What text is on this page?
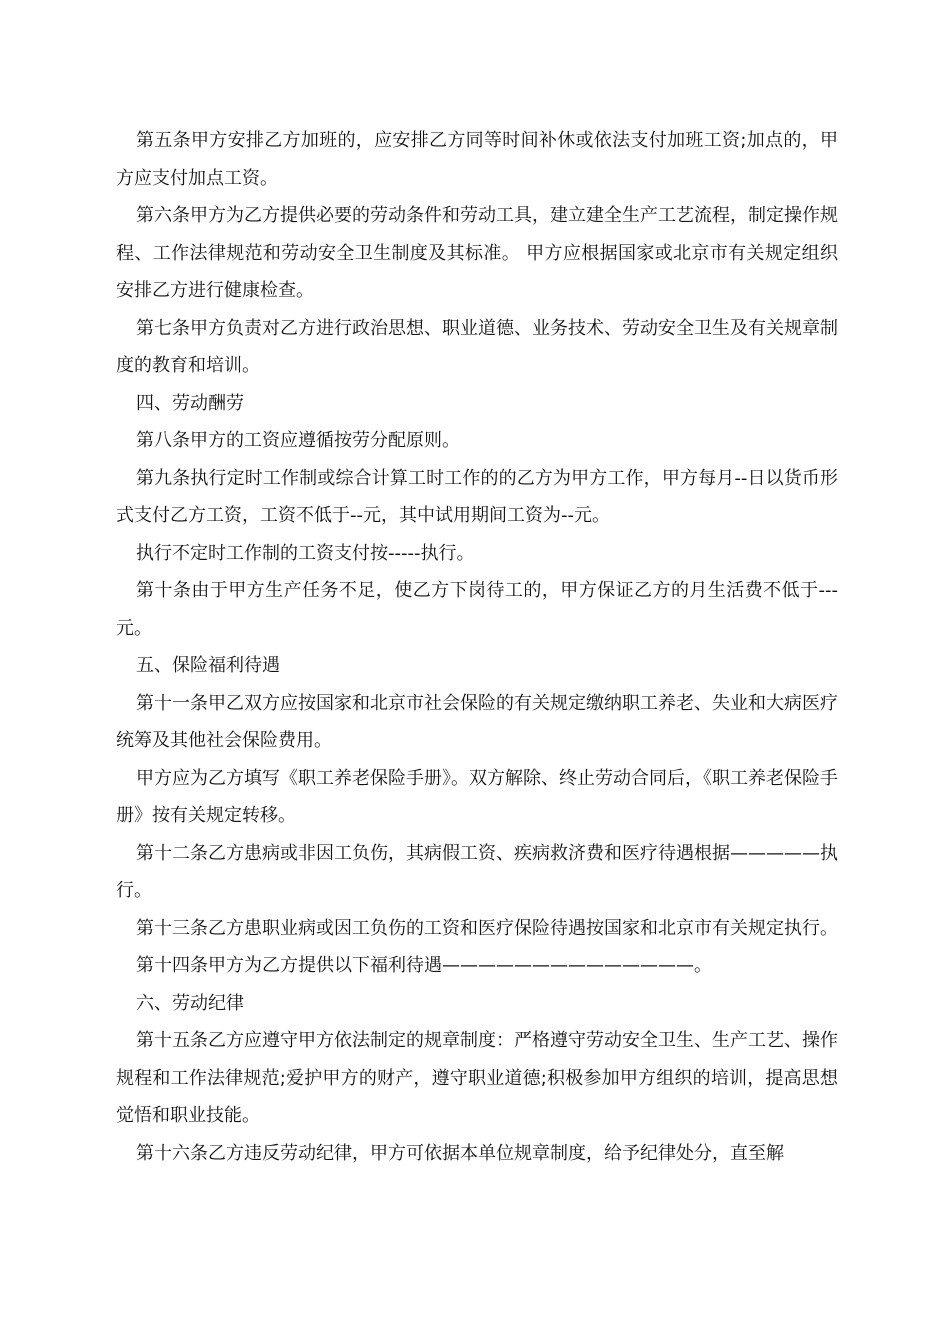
第五条甲方安排乙方加班的，应安排乙方同等时间补休或依法支付加班工资;加点的，甲方应支付加点工资。

第六条甲方为乙方提供必要的劳动条件和劳动工具，建立建全生产工艺流程，制定操作规程、工作法律规范和劳动安全卫生制度及其标准。 甲方应根据国家或北京市有关规定组织安排乙方进行健康检查。

第七条甲方负责对乙方进行政治思想、职业道德、业务技术、劳动安全卫生及有关规章制度的教育和培训。

四、劳动酬劳

第八条甲方的工资应遵循按劳分配原则。

第九条执行定时工作制或综合计算工时工作的的乙方为甲方工作，甲方每月--日以货币形式支付乙方工资，工资不低于--元，其中试用期间工资为--元。

执行不定时工作制的工资支付按-----执行。

第十条由于甲方生产任务不足，使乙方下岗待工的，甲方保证乙方的月生活费不低于---元。

五、保险福利待遇

第十一条甲乙双方应按国家和北京市社会保险的有关规定缴纳职工养老、失业和大病医疗统筹及其他社会保险费用。

甲方应为乙方填写《职工养老保险手册》。双方解除、终止劳动合同后，《职工养老保险手册》按有关规定转移。

第十二条乙方患病或非因工负伤，其病假工资、疾病救济费和医疗待遇根据—————执行。

第十三条乙方患职业病或因工负伤的工资和医疗保险待遇按国家和北京市有关规定执行。

第十四条甲方为乙方提供以下福利待遇——————————————。

六、劳动纪律

第十五条乙方应遵守甲方依法制定的规章制度：严格遵守劳动安全卫生、生产工艺、操作规程和工作法律规范;爱护甲方的财产，遵守职业道德;积极参加甲方组织的培训，提高思想觉悟和职业技能。

第十六条乙方违反劳动纪律，甲方可依据本单位规章制度，给予纪律处分，直至解
